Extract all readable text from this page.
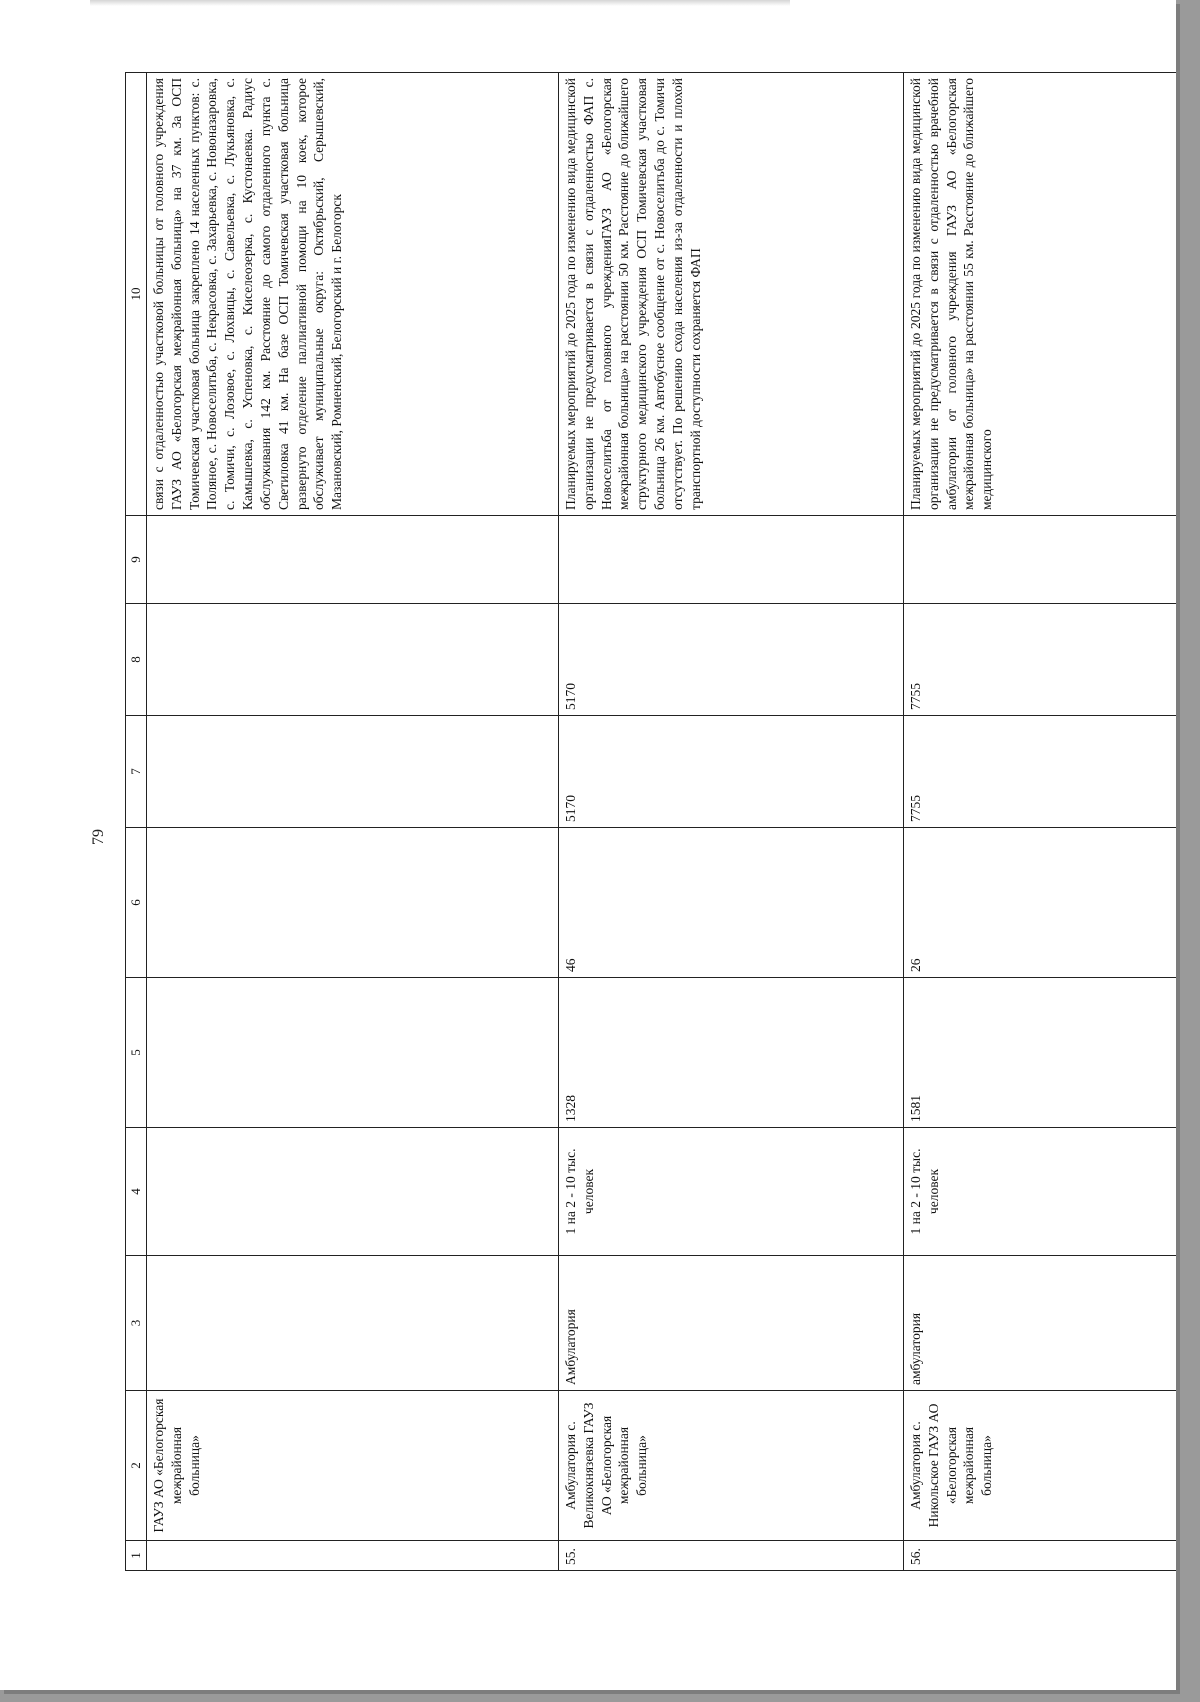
79
1	2	3	4	5	6	7	8	9	10
	ГАУЗ АО «Белогорская межрайонная больница»								связи с отдаленностью участковой больницы от головного учреждения ГАУЗ АО «Белогорская межрайонная больница» на 37 км. За ОСП Томичевская участковая больница закреплено 14 населенных пунктов: с. Поляное, с. Новоселитьба, с. Некрасовка, с. Захарьевка, с. Новоназаровка, с. Томичи, с. Лозовое, с. Лохвицы, с. Савельевка, с. Лукьяновка, с. Камышевка, с. Успеновка, с. Киселеозерка, с. Кустонаевка. Радиус обслуживания 142 км. Расстояние до самого отдаленного пункта с. Светиловка 41 км. На базе ОСП Томичевская участковая больница развернуто отделение паллиативной помощи на 10 коек, которое обслуживает муниципальные округа: Октябрьский, Серышевский, Мазановский, Ромненский, Белогорский и г. Белогорск
55.	Амбулатория с. Великокнязевка ГАУЗ АО «Белогорская межрайонная больница»	Амбулатория	1 на 2 - 10 тыс. человек	1328	46	5170	5170		Планируемых мероприятий до 2025 года по изменению вида медицинской организации не предусматривается в связи с отдаленностью ФАП с. Новоселитьба от головного учрежденияГАУЗ АО «Белогорская межрайонная больница» на расстоянии 50 км. Расстояние до ближайшего структурного медицинского учреждения ОСП Томичевская участковая больница 26 км. Автобусное сообщение от с. Новоселитьба до с. Томичи отсутствует. По решению схода населения из-за отдаленности и плохой транспортной доступности сохраняется ФАП
56.	Амбулатория с. Никольское ГАУЗ АО «Белогорская межрайонная больница»	амбулатория	1 на 2 - 10 тыс. человек	1581	26	7755	7755		Планируемых мероприятий до 2025 года по изменению вида медицинской организации не предусматривается в связи с отдаленностью врачебной амбулатории от головного учреждения ГАУЗ АО «Белогорская межрайонная больница» на расстоянии 55 км. Расстояние до ближайшего медицинского
